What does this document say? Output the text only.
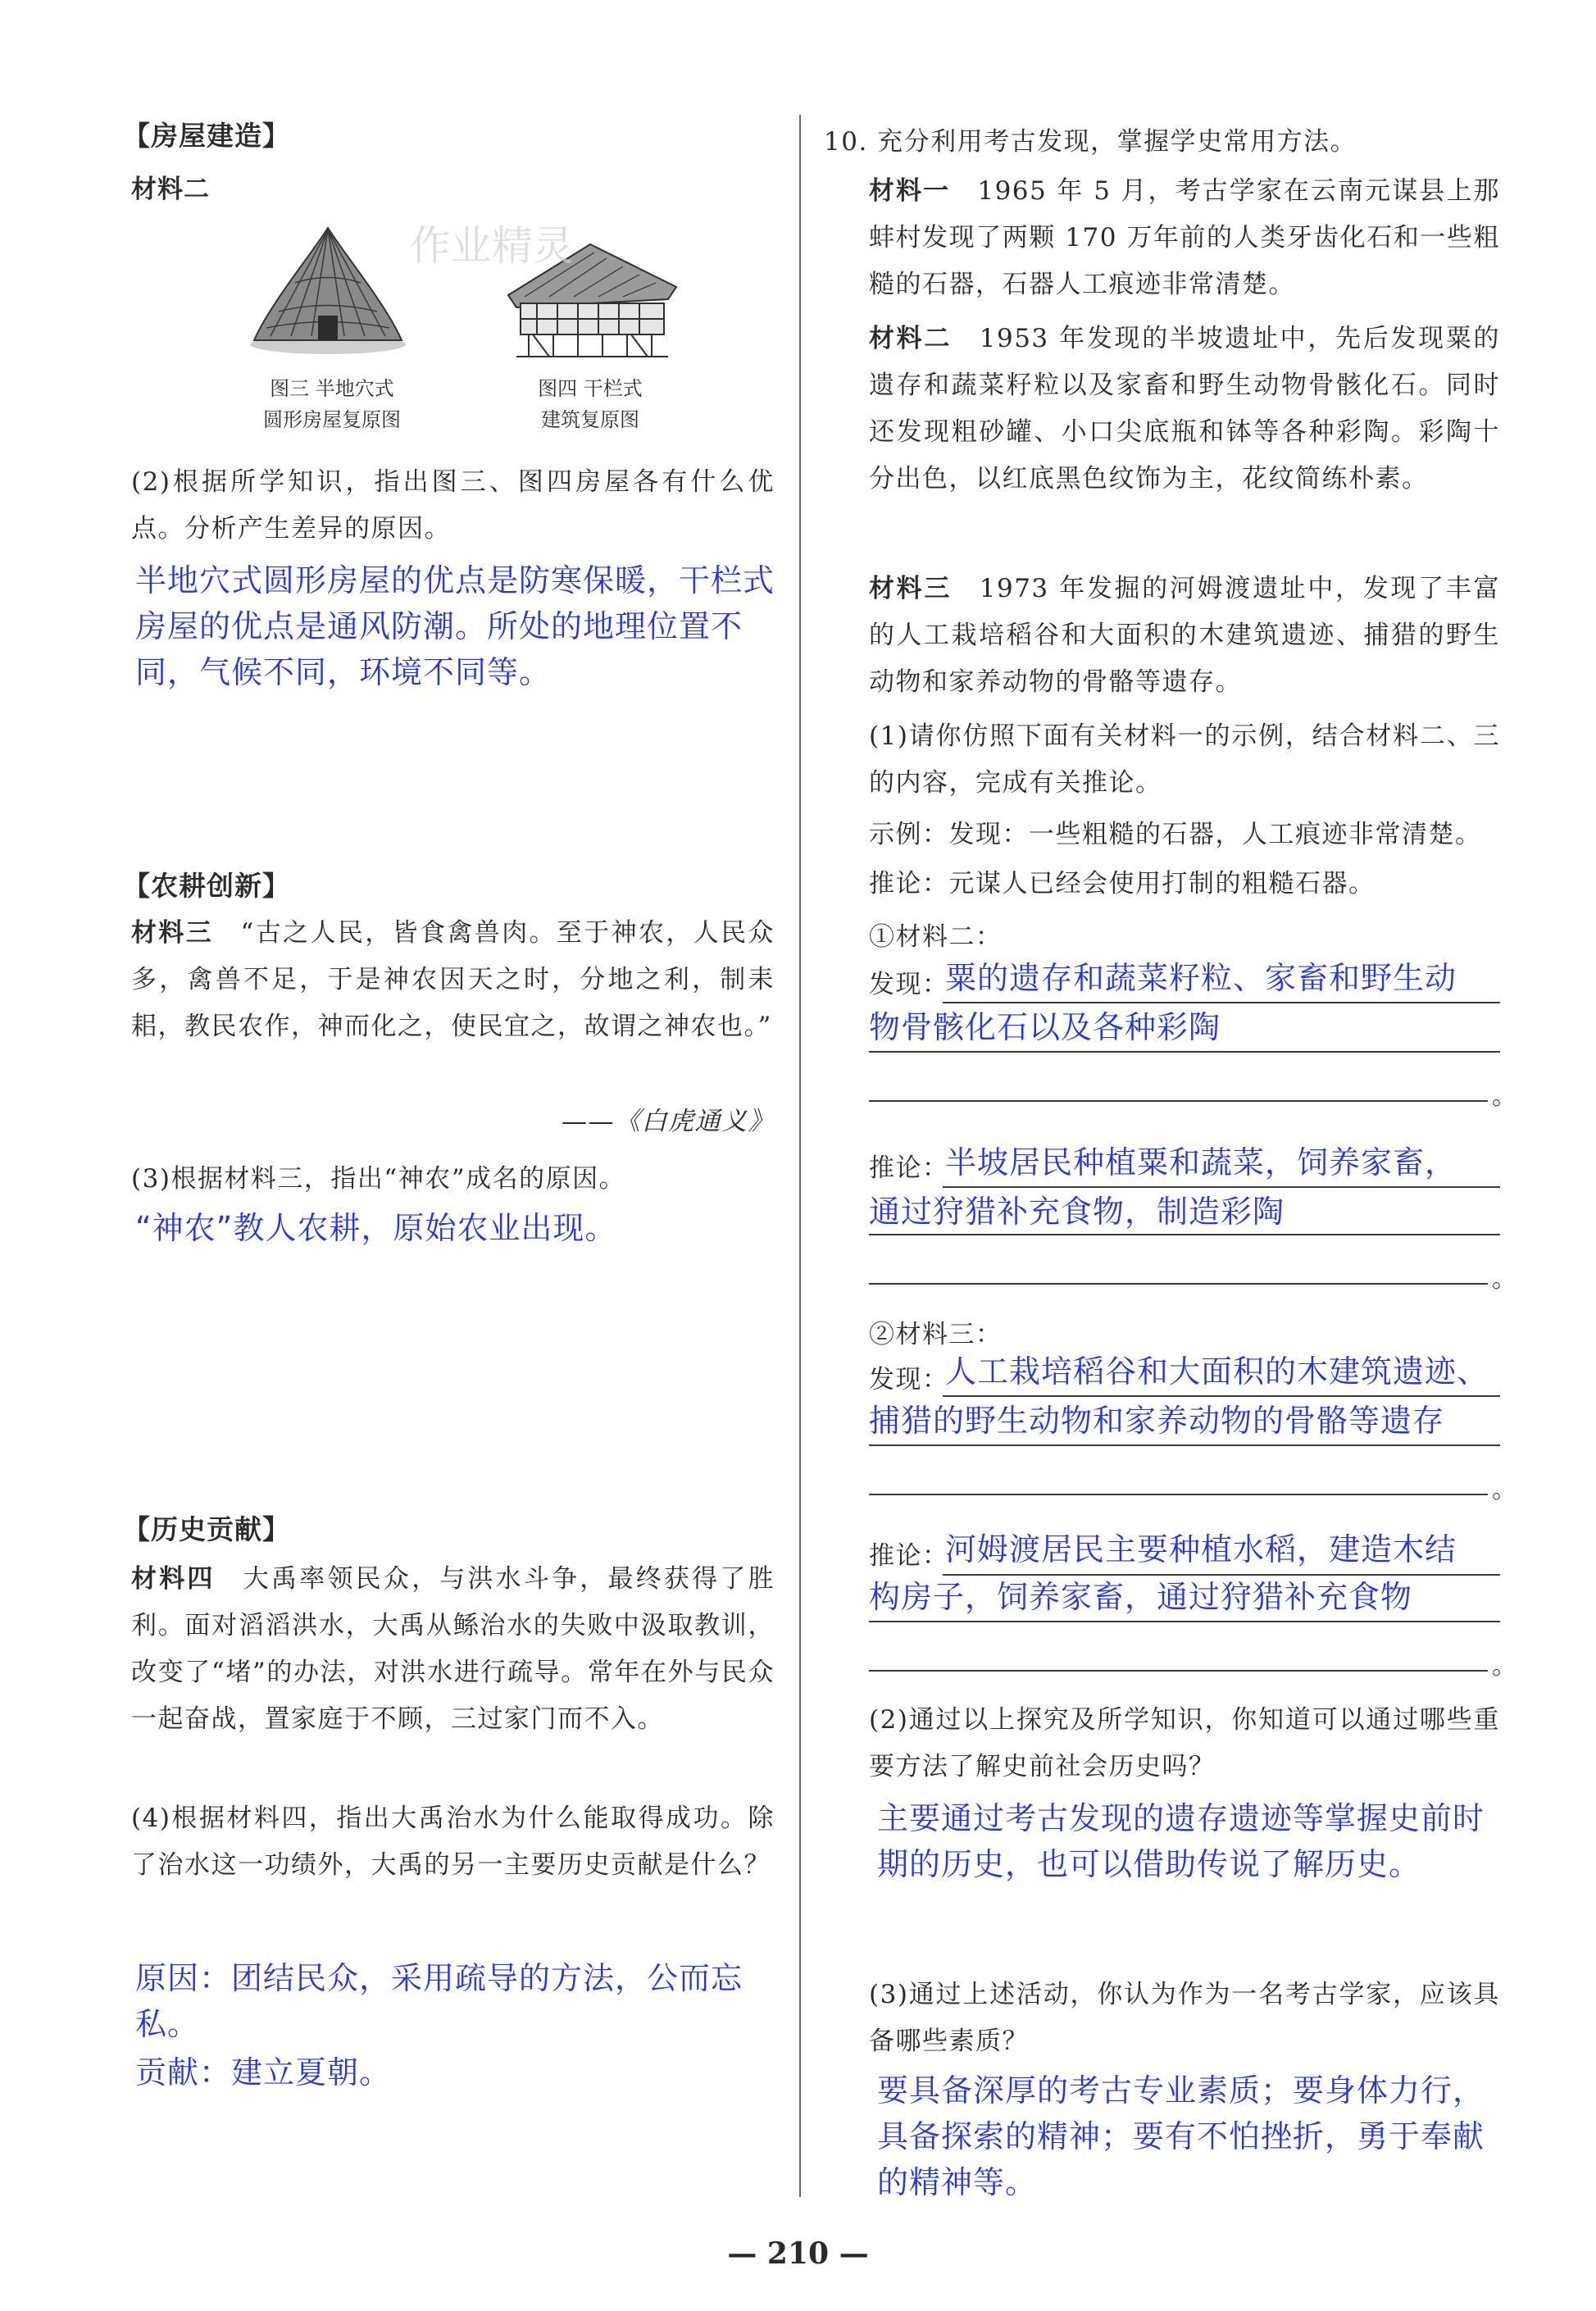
【房屋建造】
材料二
作业精灵
图三 半地穴式
圆形房屋复原图
图四 干栏式
建筑复原图
(2)根据所学知识，指出图三、图四房屋各有什么优点。分析产生差异的原因。
半地穴式圆形房屋的优点是防寒保暖，干栏式房屋的优点是通风防潮。所处的地理位置不同，气候不同，环境不同等。
【农耕创新】
材料三　 “古之人民，皆食禽兽肉。至于神农，人民众多，禽兽不足，于是神农因天之时，分地之利，制耒耜，教民农作，神而化之，使民宜之，故谓之神农也。”
——《白虎通义》
(3)根据材料三，指出“神农”成名的原因。
“神农”教人农耕，原始农业出现。
【历史贡献】
材料四　 大禹率领民众，与洪水斗争，最终获得了胜利。面对滔滔洪水，大禹从鲧治水的失败中汲取教训，改变了“堵”的办法，对洪水进行疏导。常年在外与民众一起奋战，置家庭于不顾，三过家门而不入。
(4)根据材料四，指出大禹治水为什么能取得成功。除了治水这一功绩外，大禹的另一主要历史贡献是什么？
原因：团结民众，采用疏导的方法，公而忘私。
贡献：建立夏朝。
10. 充分利用考古发现，掌握学史常用方法。
材料一　 1965 年 5 月，考古学家在云南元谋县上那蚌村发现了两颗 170 万年前的人类牙齿化石和一些粗糙的石器，石器人工痕迹非常清楚。
材料二　 1953 年发现的半坡遗址中，先后发现粟的遗存和蔬菜籽粒以及家畜和野生动物骨骸化石。同时还发现粗砂罐、小口尖底瓶和钵等各种彩陶。彩陶十分出色，以红底黑色纹饰为主，花纹简练朴素。
材料三　 1973 年发掘的河姆渡遗址中，发现了丰富的人工栽培稻谷和大面积的木建筑遗迹、捕猎的野生动物和家养动物的骨骼等遗存。
(1)请你仿照下面有关材料一的示例，结合材料二、三的内容，完成有关推论。
示例：发现：一些粗糙的石器，人工痕迹非常清楚。
推论：元谋人已经会使用打制的粗糙石器。
①材料二：
发现：
粟的遗存和蔬菜籽粒、家畜和野生动
物骨骸化石以及各种彩陶
。
推论：
半坡居民种植粟和蔬菜，饲养家畜，
通过狩猎补充食物，制造彩陶
。
②材料三：
发现：
人工栽培稻谷和大面积的木建筑遗迹、
捕猎的野生动物和家养动物的骨骼等遗存
。
推论：
河姆渡居民主要种植水稻，建造木结
构房子，饲养家畜，通过狩猎补充食物
。
(2)通过以上探究及所学知识，你知道可以通过哪些重要方法了解史前社会历史吗？
主要通过考古发现的遗存遗迹等掌握史前时期的历史，也可以借助传说了解历史。
(3)通过上述活动，你认为作为一名考古学家，应该具备哪些素质？
要具备深厚的考古专业素质；要身体力行，具备探索的精神；要有不怕挫折，勇于奉献的精神等。
— 210 —
